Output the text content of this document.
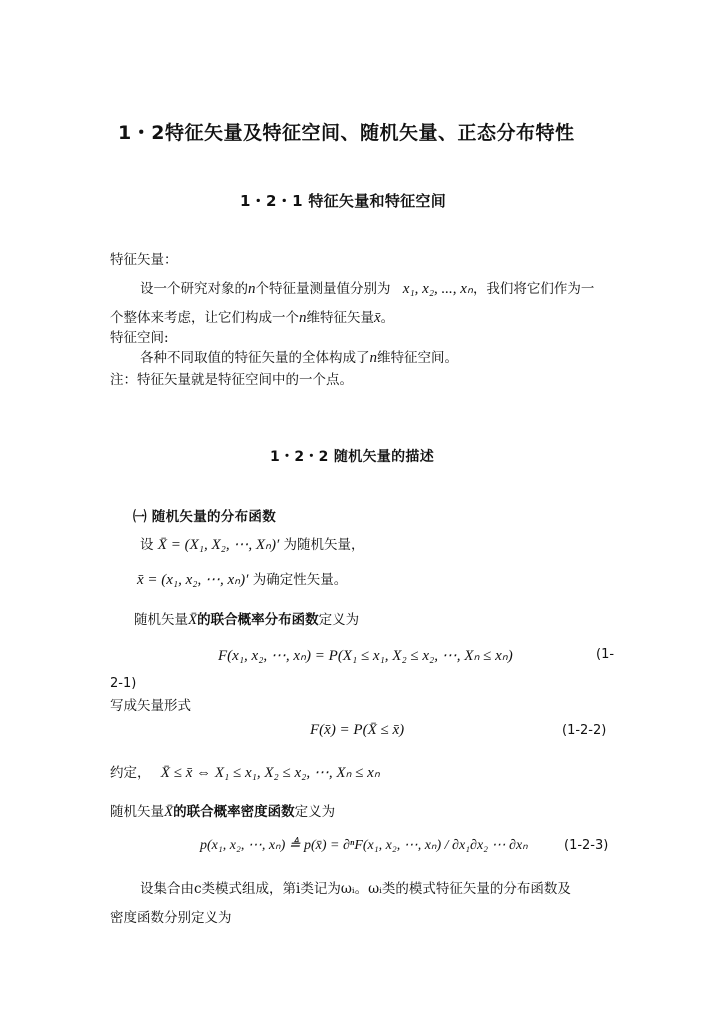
1・2特征矢量及特征空间、随机矢量、正态分布特性
1・2・1 特征矢量和特征空间
特征矢量：
设一个研究对象的n个特征量测量值分别为 x₁, x₂, ..., xₙ，我们将它们作为一
个整体来考虑，让它们构成一个n维特征矢量x̄。
特征空间:
各种不同取值的特征矢量的全体构成了n维特征空间。
注：特征矢量就是特征空间中的一个点。
1・2・2 随机矢量的描述
㈠ 随机矢量的分布函数
设 X̄ = (X₁, X₂, ⋯, Xₙ)′ 为随机矢量，
x̄ = (x₁, x₂, ⋯, xₙ)′ 为确定性矢量。
随机矢量X̄的联合概率分布函数定义为
F(x₁, x₂, ⋯, xₙ) = P(X₁ ≤ x₁, X₂ ≤ x₂, ⋯, Xₙ ≤ xₙ)	(1-
2-1)
写成矢量形式
F(x̄) = P(X̄ ≤ x̄)	(1-2-2)
约定， X̄ ≤ x̄ ⇔ X₁ ≤ x₁, X₂ ≤ x₂, ⋯, Xₙ ≤ xₙ
随机矢量X̄的联合概率密度函数定义为
p(x₁, x₂, ⋯, xₙ) ≜ p(x̄) = ∂ⁿF(x₁, x₂, ⋯, xₙ) / ∂x₁∂x₂ ⋯ ∂xₙ	(1-2-3)
设集合由c类模式组成，第i类记为ωᵢ。ωᵢ类的模式特征矢量的分布函数及
密度函数分别定义为
